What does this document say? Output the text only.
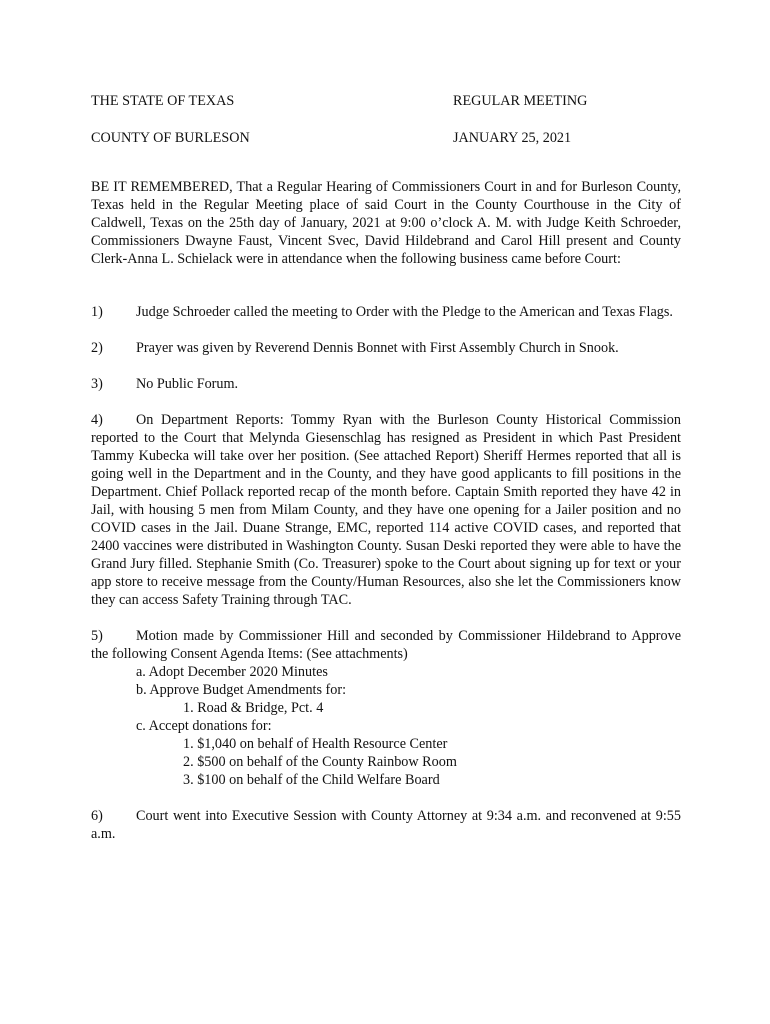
THE STATE OF TEXAS	REGULAR MEETING
COUNTY OF BURLESON	JANUARY 25, 2021

BE IT REMEMBERED, That a Regular Hearing of Commissioners Court in and for Burleson County, Texas held in the Regular Meeting place of said Court in the County Courthouse in the City of Caldwell, Texas on the 25th day of January, 2021 at 9:00 o’clock A. M. with Judge Keith Schroeder, Commissioners Dwayne Faust, Vincent Svec, David Hildebrand and Carol Hill present and County Clerk-Anna L. Schielack were in attendance when the following business came before Court:

1) Judge Schroeder called the meeting to Order with the Pledge to the American and Texas Flags.

2) Prayer was given by Reverend Dennis Bonnet with First Assembly Church in Snook.

3) No Public Forum.

4) On Department Reports: Tommy Ryan with the Burleson County Historical Commission reported to the Court that Melynda Giesenschlag has resigned as President in which Past President Tammy Kubecka will take over her position. (See attached Report) Sheriff Hermes reported that all is going well in the Department and in the County, and they have good applicants to fill positions in the Department. Chief Pollack reported recap of the month before. Captain Smith reported they have 42 in Jail, with housing 5 men from Milam County, and they have one opening for a Jailer position and no COVID cases in the Jail. Duane Strange, EMC, reported 114 active COVID cases, and reported that 2400 vaccines were distributed in Washington County. Susan Deski reported they were able to have the Grand Jury filled. Stephanie Smith (Co. Treasurer) spoke to the Court about signing up for text or your app store to receive message from the County/Human Resources, also she let the Commissioners know they can access Safety Training through TAC.

5) Motion made by Commissioner Hill and seconded by Commissioner Hildebrand to Approve the following Consent Agenda Items: (See attachments)

a. Adopt December 2020 Minutes

b. Approve Budget Amendments for:

1. Road & Bridge, Pct. 4

c. Accept donations for:

1. $1,040 on behalf of Health Resource Center

2. $500 on behalf of the County Rainbow Room

3. $100 on behalf of the Child Welfare Board

6) Court went into Executive Session with County Attorney at 9:34 a.m. and reconvened at 9:55 a.m.
